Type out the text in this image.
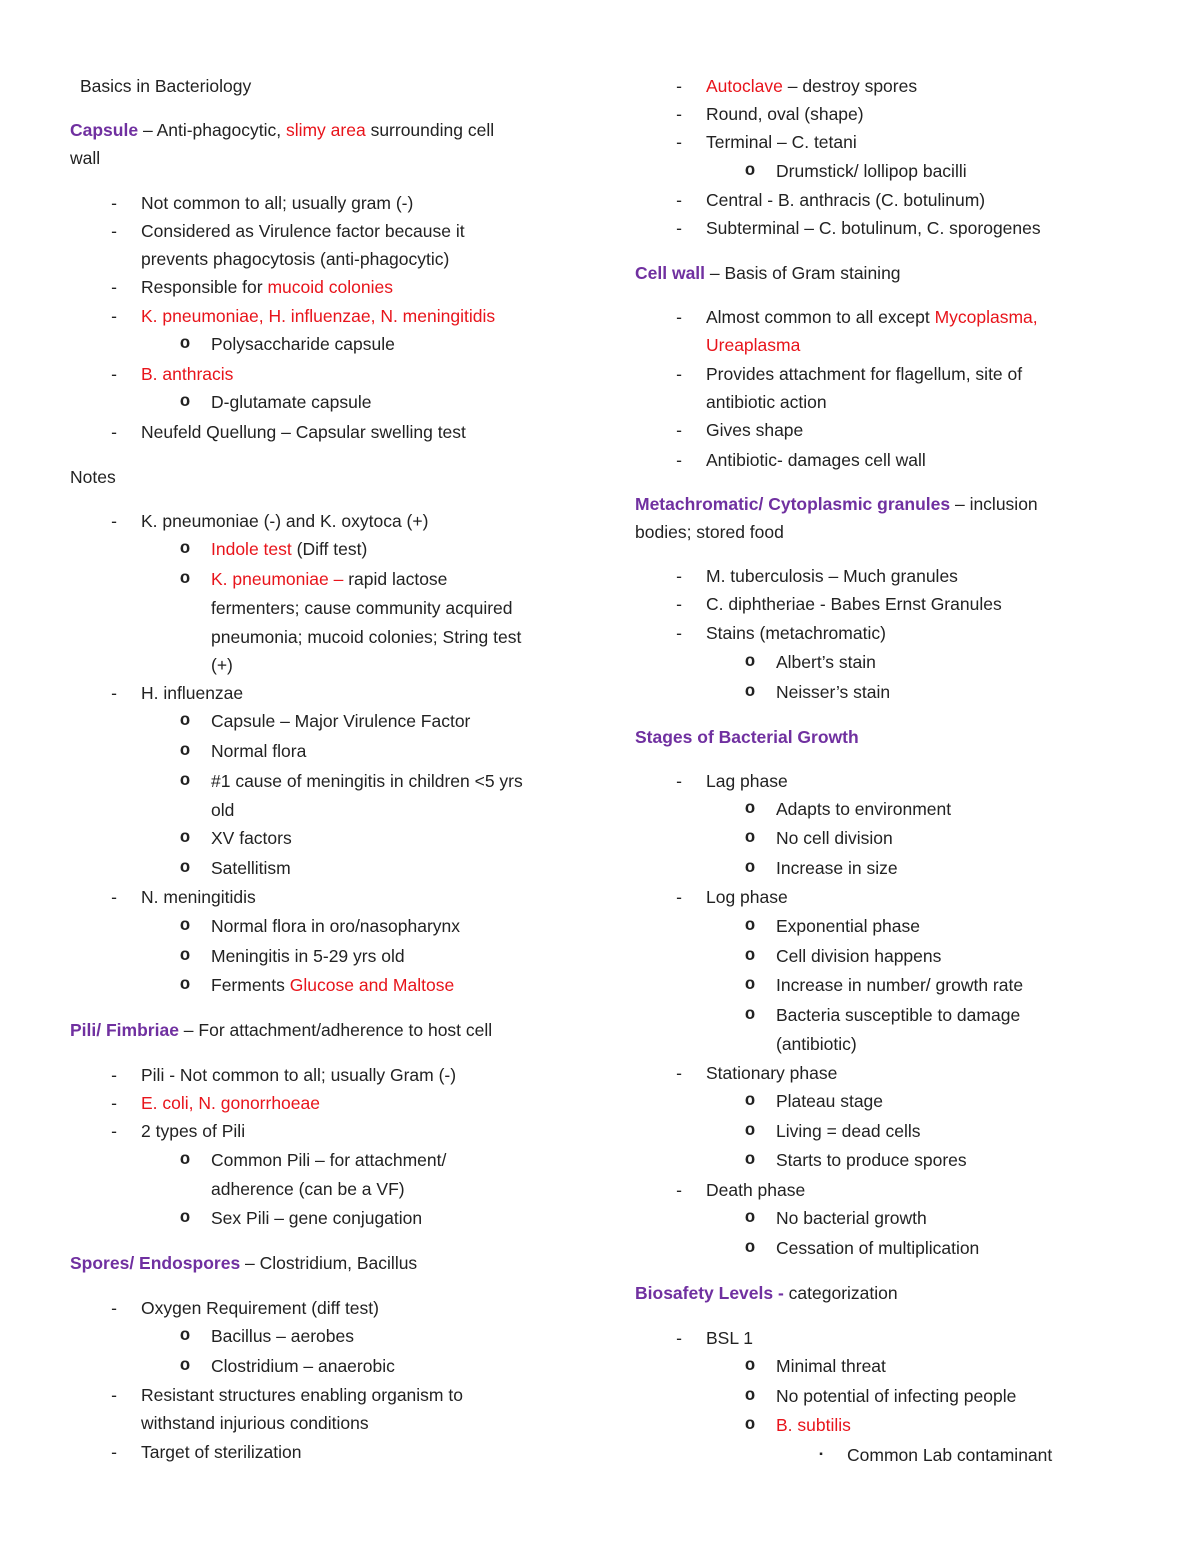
Basics in Bacteriology
Capsule – Anti-phagocytic, slimy area surrounding cell
wall
-	Not common to all; usually gram (-)
-	Considered as Virulence factor because it
prevents phagocytosis (anti-phagocytic)
-	Responsible for mucoid colonies
-	K. pneumoniae, H. influenzae, N. meningitidis
o Polysaccharide capsule
-	B. anthracis
o D-glutamate capsule
-	Neufeld Quellung – Capsular swelling test
Notes
-	K. pneumoniae (-) and K. oxytoca (+)
o Indole test (Diff test)
o K. pneumoniae – rapid lactose
fermenters; cause community acquired
pneumonia; mucoid colonies; String test
(+)
-	H. influenzae
o Capsule – Major Virulence Factor
o Normal flora
o #1 cause of meningitis in children <5 yrs
old
o XV factors
o Satellitism
-	N. meningitidis
o Normal flora in oro/nasopharynx
o Meningitis in 5-29 yrs old
o Ferments Glucose and Maltose
Pili/ Fimbriae – For attachment/adherence to host cell
-	Pili - Not common to all; usually Gram (-)
-	E. coli, N. gonorrhoeae
-	2 types of Pili
o Common Pili – for attachment/
adherence (can be a VF)
o Sex Pili – gene conjugation
Spores/ Endospores – Clostridium, Bacillus
-	Oxygen Requirement (diff test)
o Bacillus – aerobes
o Clostridium – anaerobic
-	Resistant structures enabling organism to
withstand injurious conditions
-	Target of sterilization
-	Autoclave – destroy spores
-	Round, oval (shape)
-	Terminal – C. tetani
o Drumstick/ lollipop bacilli
-	Central - B. anthracis (C. botulinum)
-	Subterminal – C. botulinum, C. sporogenes
Cell wall – Basis of Gram staining
-	Almost common to all except Mycoplasma,
Ureaplasma
-	Provides attachment for flagellum, site of
antibiotic action
-	Gives shape
-	Antibiotic- damages cell wall
Metachromatic/ Cytoplasmic granules – inclusion
bodies; stored food
-	M. tuberculosis – Much granules
-	C. diphtheriae - Babes Ernst Granules
-	Stains (metachromatic)
o Albert’s stain
o Neisser’s stain
Stages of Bacterial Growth
-	Lag phase
o Adapts to environment
o No cell division
o Increase in size
-	Log phase
o Exponential phase
o Cell division happens
o Increase in number/ growth rate
o Bacteria susceptible to damage
(antibiotic)
-	Stationary phase
o Plateau stage
o Living = dead cells
o Starts to produce spores
-	Death phase
o No bacterial growth
o Cessation of multiplication
Biosafety Levels - categorization
-	BSL 1
o Minimal threat
o No potential of infecting people
o B. subtilis
▪	Common Lab contaminant
